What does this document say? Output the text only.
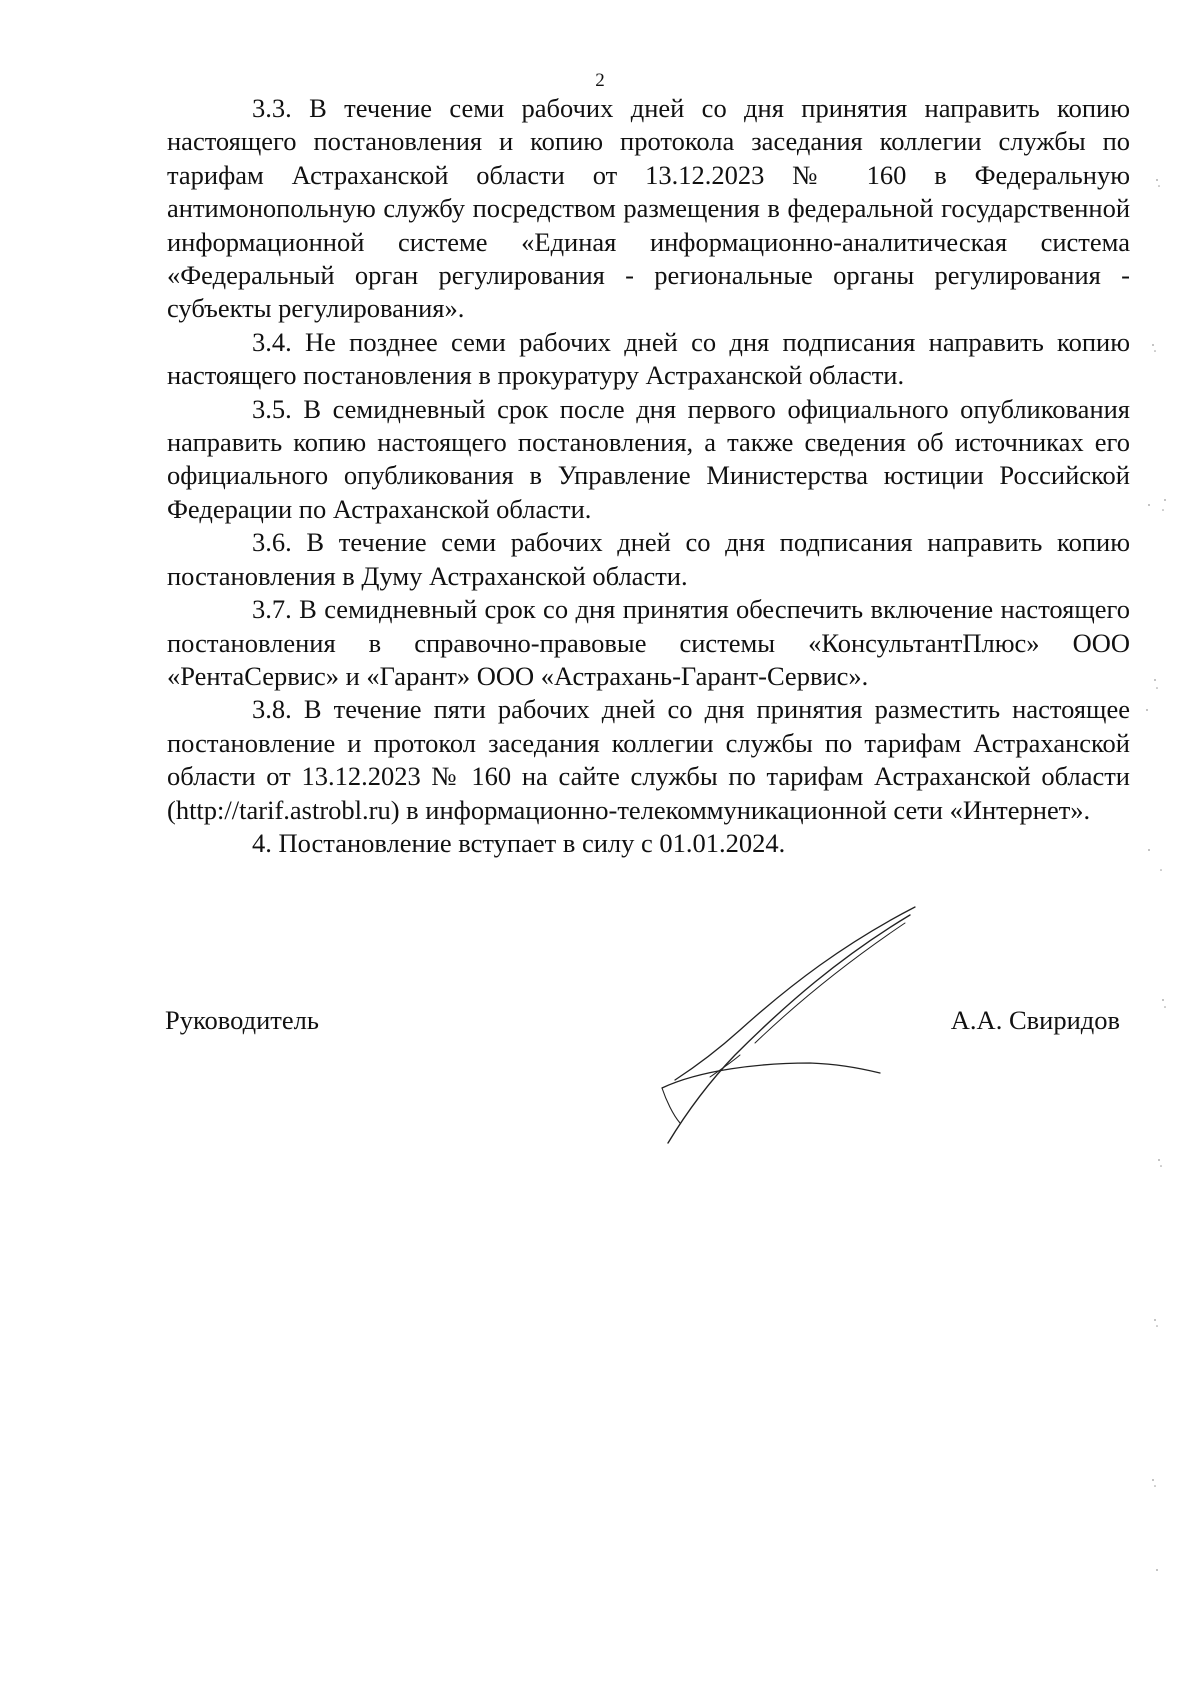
2

3.3. В течение семи рабочих дней со дня принятия направить копию настоящего постановления и копию протокола заседания коллегии службы по тарифам Астраханской области от 13.12.2023 № 160 в Федеральную антимонопольную службу посредством размещения в федеральной государственной информационной системе «Единая информационно-аналитическая система «Федеральный орган регулирования - региональные органы регулирования - субъекты регулирования».

3.4. Не позднее семи рабочих дней со дня подписания направить копию настоящего постановления в прокуратуру Астраханской области.

3.5. В семидневный срок после дня первого официального опубликования направить копию настоящего постановления, а также сведения об источниках его официального опубликования в Управление Министерства юстиции Российской Федерации по Астраханской области.

3.6. В течение семи рабочих дней со дня подписания направить копию постановления в Думу Астраханской области.

3.7. В семидневный срок со дня принятия обеспечить включение настоящего постановления в справочно-правовые системы «КонсультантПлюс» ООО «РентаСервис» и «Гарант» ООО «Астрахань-Гарант-Сервис».

3.8. В течение пяти рабочих дней со дня принятия разместить настоящее постановление и протокол заседания коллегии службы по тарифам Астраханской области от 13.12.2023 № 160 на сайте службы по тарифам Астраханской области (http://tarif.astrobl.ru) в информационно-телекоммуникационной сети «Интернет».

4. Постановление вступает в силу с 01.01.2024.

Руководитель	А.А. Свиридов
